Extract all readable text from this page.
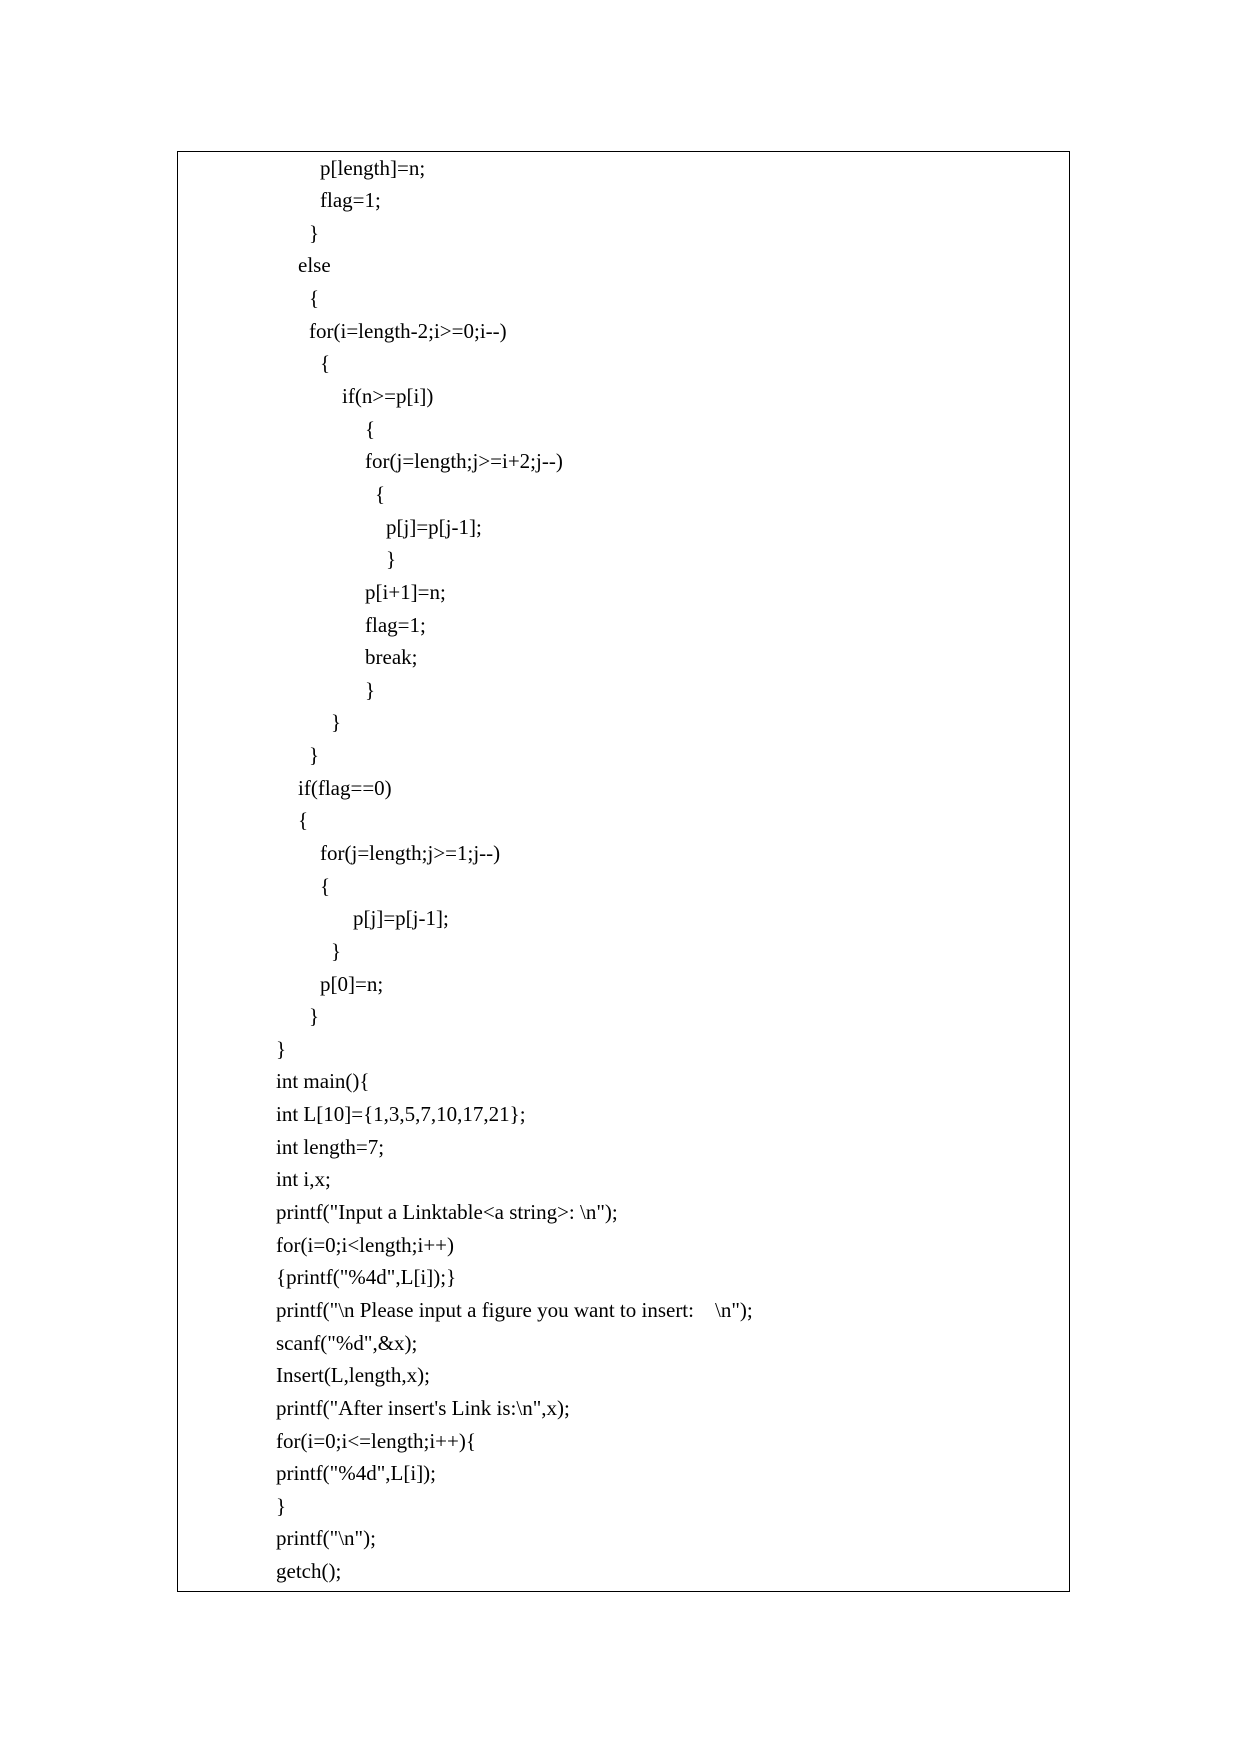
p[length]=n;
flag=1;
}
else
{
for(i=length-2;i>=0;i--)
{
if(n>=p[i])
{
for(j=length;j>=i+2;j--)
{
p[j]=p[j-1];
}
p[i+1]=n;
flag=1;
break;
}
}
}
if(flag==0)
{
for(j=length;j>=1;j--)
{
p[j]=p[j-1];
}
p[0]=n;
}
}
int main(){
int L[10]={1,3,5,7,10,17,21};
int length=7;
int i,x;
printf("Input a Linktable<a string>: \n");
for(i=0;i<length;i++)
{printf("%4d",L[i]);}
printf("\n Please input a figure you want to insert:    \n");
scanf("%d",&x);
Insert(L,length,x);
printf("After insert's Link is:\n",x);
for(i=0;i<=length;i++){
printf("%4d",L[i]);
}
printf("\n");
getch();
